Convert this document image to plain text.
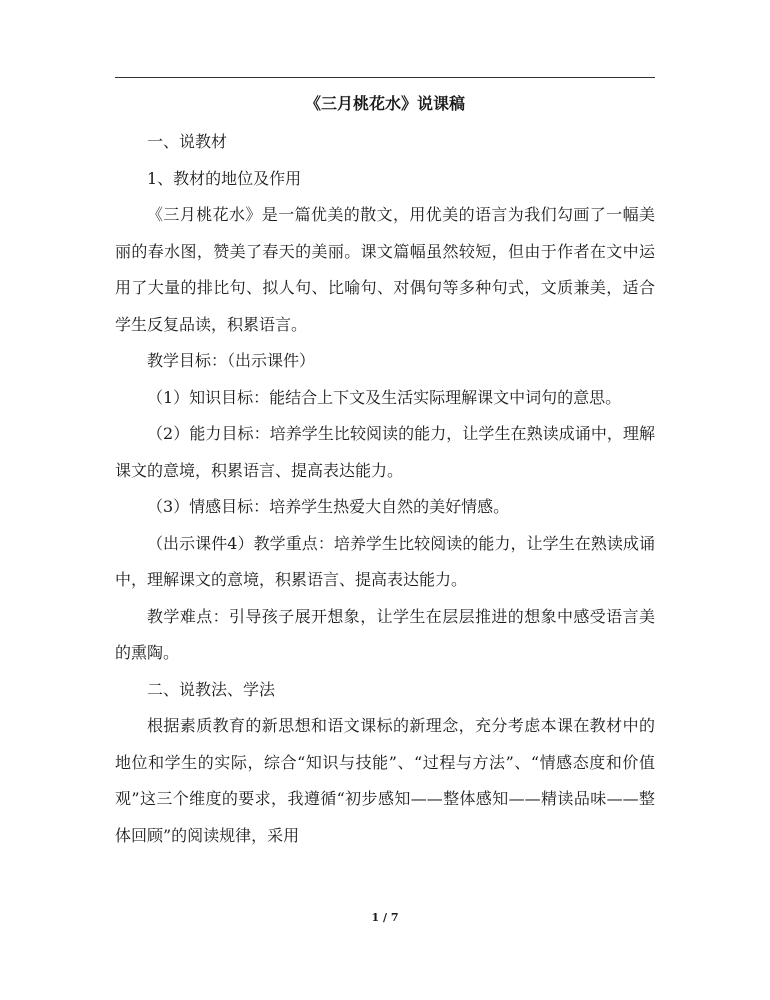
《三月桃花水》说课稿

一、说教材

1、教材的地位及作用

《三月桃花水》是一篇优美的散文，用优美的语言为我们勾画了一幅美丽的春水图，赞美了春天的美丽。课文篇幅虽然较短，但由于作者在文中运用了大量的排比句、拟人句、比喻句、对偶句等多种句式，文质兼美，适合学生反复品读，积累语言。

教学目标：（出示课件）

（1）知识目标：能结合上下文及生活实际理解课文中词句的意思。

（2）能力目标：培养学生比较阅读的能力，让学生在熟读成诵中，理解课文的意境，积累语言、提高表达能力。

（3）情感目标：培养学生热爱大自然的美好情感。

（出示课件4）教学重点：培养学生比较阅读的能力，让学生在熟读成诵中，理解课文的意境，积累语言、提高表达能力。

教学难点：引导孩子展开想象，让学生在层层推进的想象中感受语言美的熏陶。

二、说教法、学法

根据素质教育的新思想和语文课标的新理念，充分考虑本课在教材中的地位和学生的实际，综合“知识与技能”、“过程与方法”、“情感态度和价值观”这三个维度的要求，我遵循“初步感知——整体感知——精读品味——整体回顾”的阅读规律，采用

1 / 7
